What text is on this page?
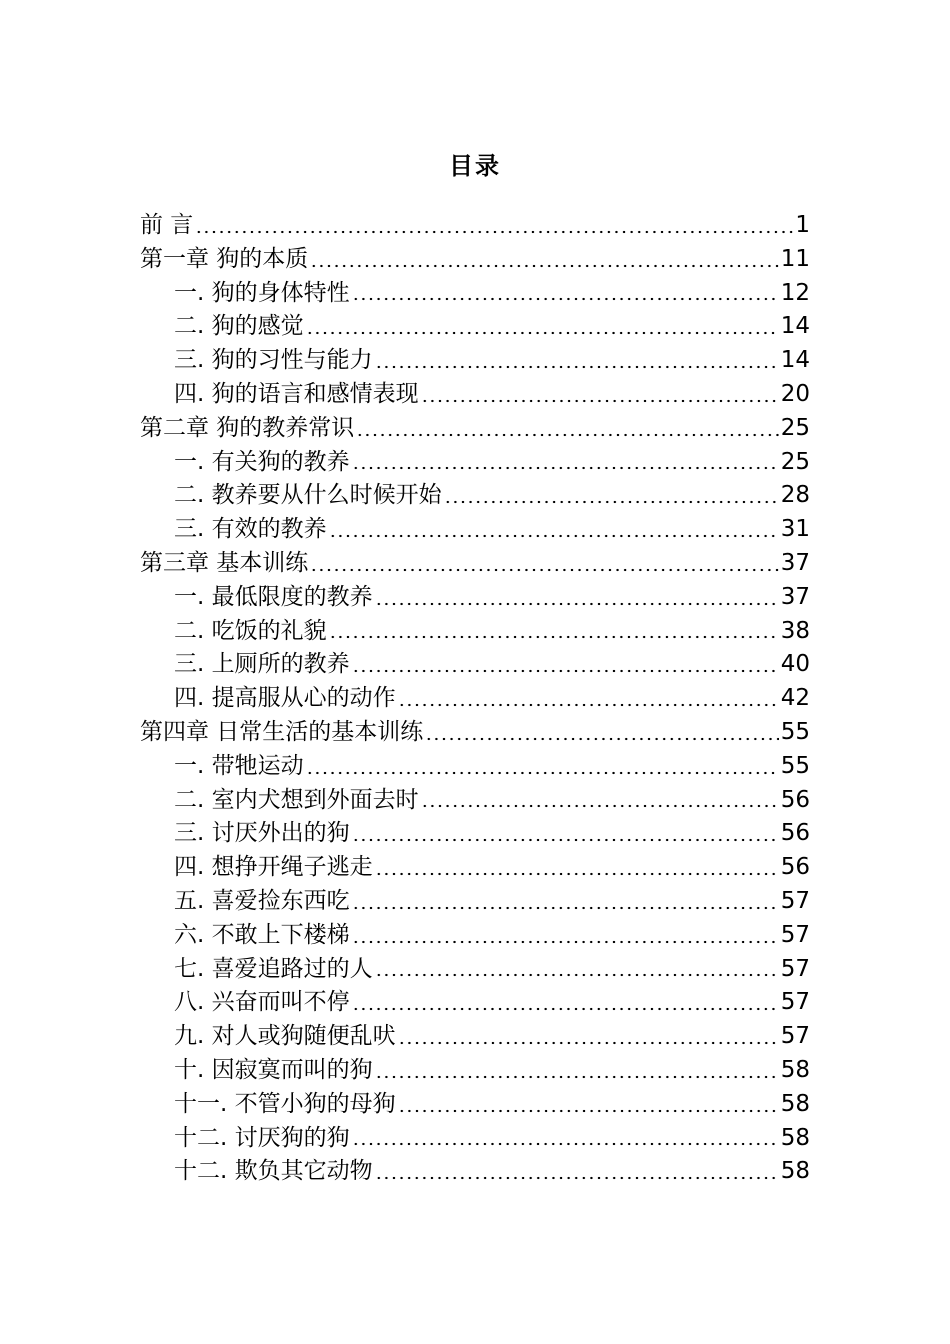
目录
前 言	1
第一章 狗的本质	11
一. 狗的身体特性	12
二. 狗的感觉	14
三. 狗的习性与能力	14
四. 狗的语言和感情表现	20
第二章 狗的教养常识	25
一. 有关狗的教养	25
二. 教养要从什么时候开始	28
三. 有效的教养	31
第三章 基本训练	37
一. 最低限度的教养	37
二. 吃饭的礼貌	38
三. 上厕所的教养	40
四. 提高服从心的动作	42
第四章 日常生活的基本训练	55
一. 带牠运动	55
二. 室内犬想到外面去时	56
三. 讨厌外出的狗	56
四. 想挣开绳子逃走	56
五. 喜爱捡东西吃	57
六. 不敢上下楼梯	57
七. 喜爱追路过的人	57
八. 兴奋而叫不停	57
九. 对人或狗随便乱吠	57
十. 因寂寞而叫的狗	58
十一. 不管小狗的母狗	58
十二. 讨厌狗的狗	58
十二. 欺负其它动物	58
